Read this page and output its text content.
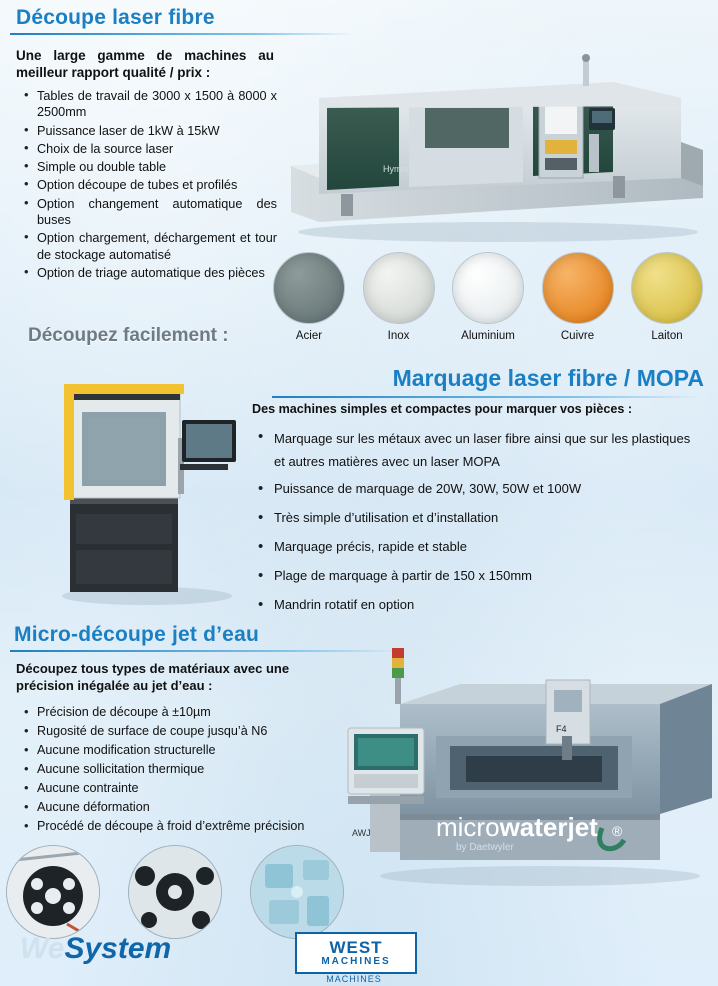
Découpe laser fibre
Une large gamme de machines au meilleur rapport qualité / prix :
• Tables de travail de 3000 x 1500 à 8000 x 2500mm
• Puissance laser de 1kW à 15kW
• Choix de la source laser
• Simple ou double table
• Option découpe de tubes et profilés
• Option changement automatique des buses
• Option chargement, déchargement et tour de stockage automatisé
• Option de triage automatique des pièces
Hymson
Acier	Inox	Aluminium	Cuivre	Laiton
Découpez facilement :
Marquage laser fibre / MOPA
Des machines simples et compactes pour marquer vos pièces :
• Marquage sur les métaux avec un laser fibre ainsi que sur les plastiques et autres matières avec un laser MOPA
• Puissance de marquage de 20W, 30W, 50W et 100W
• Très simple d’utilisation et d’installation
• Marquage précis, rapide et stable
• Plage de marquage à partir de 150 x 150mm
• Mandrin rotatif en option
Micro-découpe jet d’eau
Découpez tous types de matériaux avec une précision inégalée au jet d’eau :
• Précision de découpe à ±10µm
• Rugosité de surface de coupe jusqu’à N6
• Aucune modification structurelle
• Aucune sollicitation thermique
• Aucune contrainte
• Aucune déformation
• Procédé de découpe à froid d’extrême précision
F4
AWJ	microwaterjet ®
by Daetwyler
WeSystem	WEST
MACHINES
MACHINES
